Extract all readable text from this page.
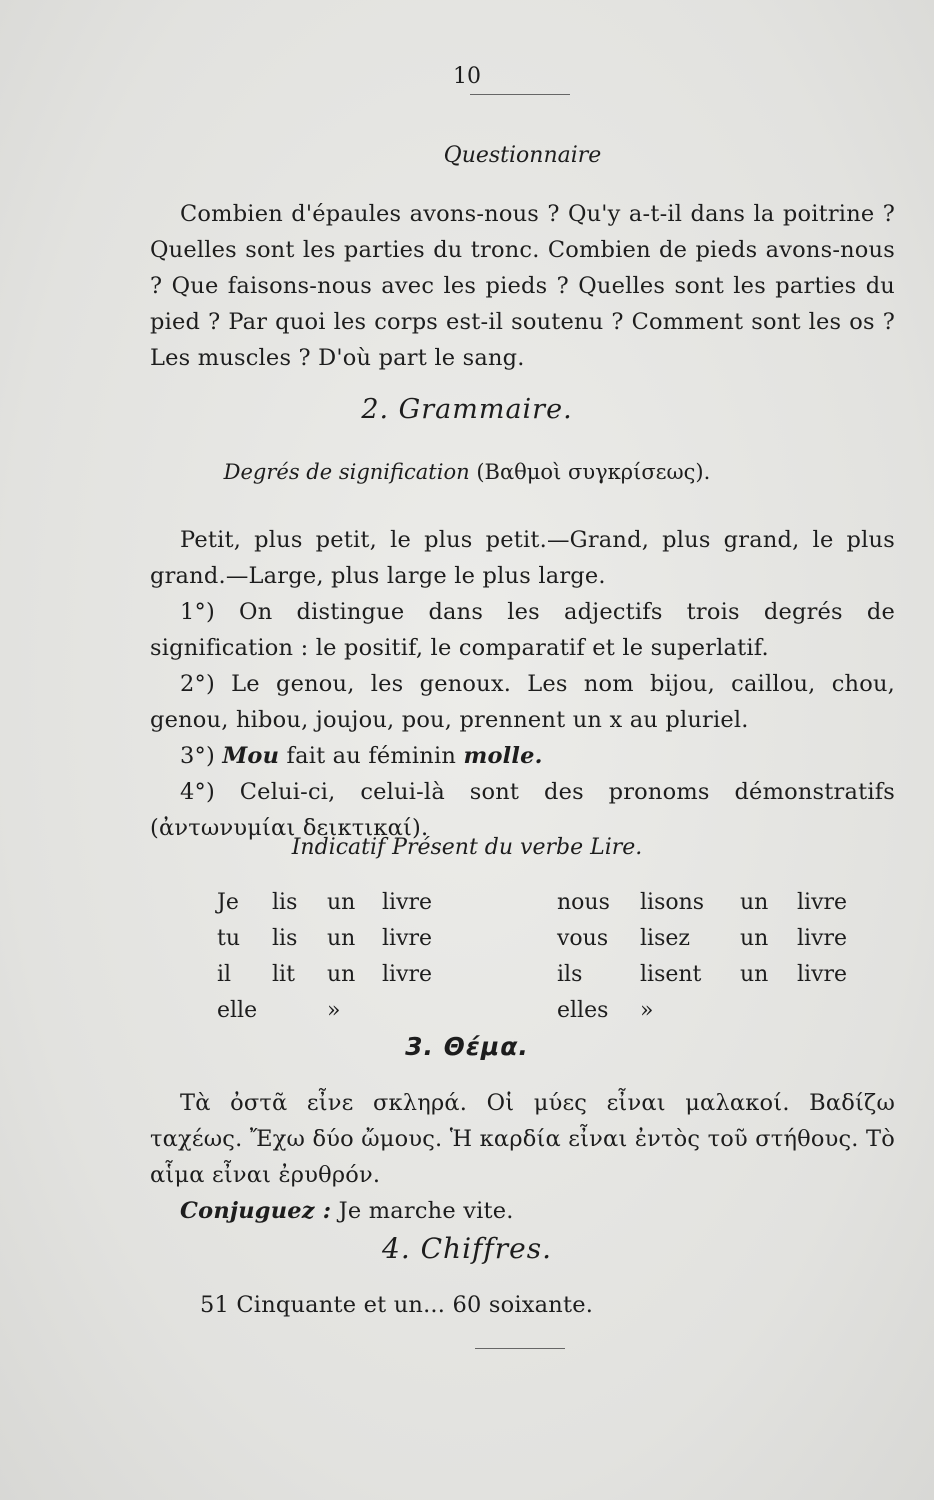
10
Questionnaire

Combien d'épaules avons-nous ? Qu'y a-t-il dans la poitrine ? Quelles sont les parties du tronc. Combien de pieds avons-nous ? Que faisons-nous avec les pieds ? Quelles sont les parties du pied ? Par quoi les corps est-il soutenu ? Comment sont les os ? Les muscles ? D'où part le sang.

2. Grammaire.
Degrés de signification (Βαθμοὶ συγκρίσεως).

Petit, plus petit, le plus petit.—Grand, plus grand, le plus grand.—Large, plus large le plus large.

1°) On distingue dans les adjectifs trois degrés de signification : le positif, le comparatif et le superlatif.

2°) Le genou, les genoux. Les nom bijou, caillou, chou, genou, hibou, joujou, pou, prennent un x au pluriel.

3°) Mou fait au féminin molle.

4°) Celui-ci, celui-là sont des pronoms démonstratifs (ἀντωνυμίαι δεικτικαί).

Indicatif Présent du verbe Lire.
Je lis un livre	nous lisons un livre
tu lis un livre	vous lisez un livre
il lit un livre	ils	lisent un livre
elle	»	elles »
3. Θέμα.

Τὰ ὀστᾶ εἶνε σκληρά. Οἱ μύες εἶναι μαλακοί. Βαδίζω ταχέως. Ἔχω δύο ὤμους. Ἡ καρδία εἶναι ἐντὸς τοῦ στήθους. Τὸ αἷμα εἶναι ἐρυθρόν.

Conjuguez : Je marche vite.

4. Chiffres.
51 Cinquante et un... 60 soixante.
